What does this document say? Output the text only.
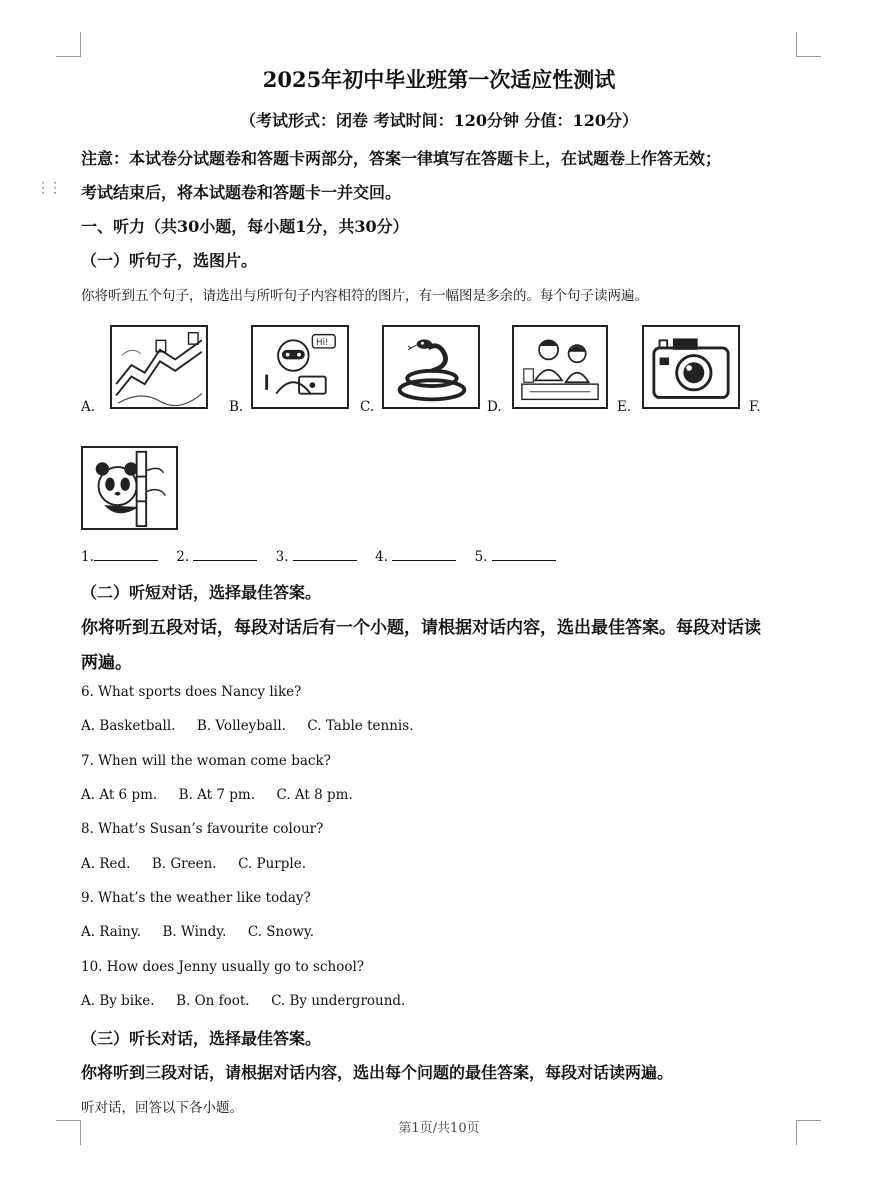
⋮⋮
2025年初中毕业班第一次适应性测试
（考试形式：闭卷 考试时间：120分钟 分值：120分）
注意：本试卷分试题卷和答题卡两部分，答案一律填写在答题卡上，在试题卷上作答无效；
考试结束后，将本试题卷和答题卡一并交回。
一、听力（共30小题，每小题1分，共30分）
（一）听句子，选图片。
你将听到五个句子，请选出与所听句子内容相符的图片，有一幅图是多余的。每个句子读两遍。
A.
Hi!
B.	C.	D.	E.	F.
1.	2.	3.	4.	5.
（二）听短对话，选择最佳答案。
你将听到五段对话，每段对话后有一个小题，请根据对话内容，选出最佳答案。每段对话读
两遍。
6. What sports does Nancy like?
A. Basketball. B. Volleyball. C. Table tennis.
7. When will the woman come back?
A. At 6 pm. B. At 7 pm. C. At 8 pm.
8. What’s Susan’s favourite colour?
A. Red. B. Green. C. Purple.
9. What’s the weather like today?
A. Rainy. B. Windy. C. Snowy.
10. How does Jenny usually go to school?
A. By bike. B. On foot. C. By underground.
（三）听长对话，选择最佳答案。
你将听到三段对话，请根据对话内容，选出每个问题的最佳答案，每段对话读两遍。
听对话，回答以下各小题。
第1页/共10页
